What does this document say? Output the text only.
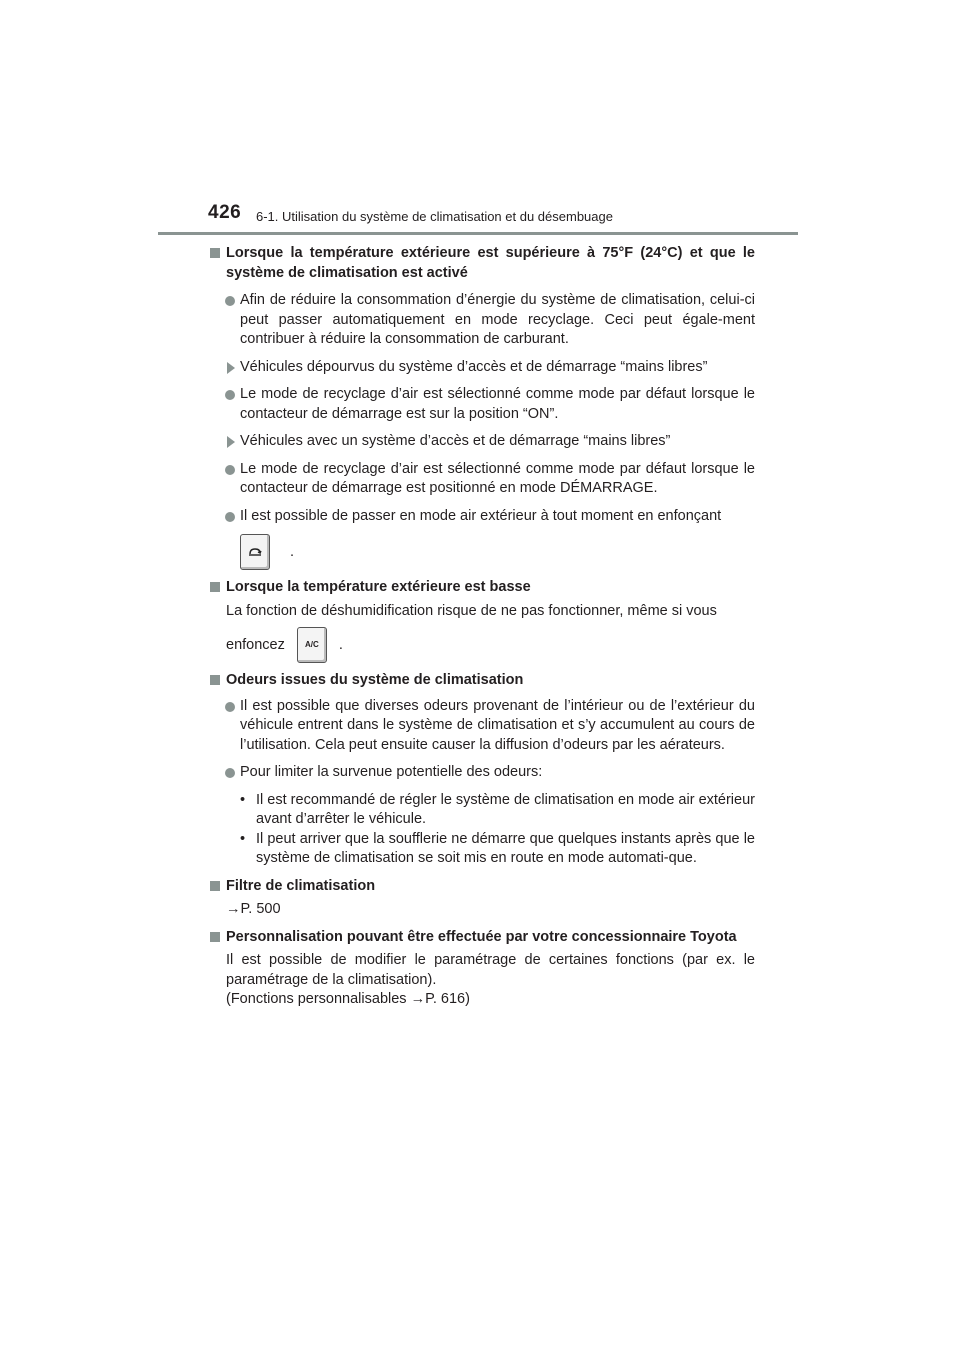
426 6-1. Utilisation du système de climatisation et du désembuage
Lorsque la température extérieure est supérieure à 75°F (24°C) et que le système de climatisation est activé
Afin de réduire la consommation d’énergie du système de climatisation, celui-ci peut passer automatiquement en mode recyclage. Ceci peut égale-ment contribuer à réduire la consommation de carburant.
Véhicules dépourvus du système d’accès et de démarrage “mains libres”
Le mode de recyclage d’air est sélectionné comme mode par défaut lorsque le contacteur de démarrage est sur la position “ON”.
Véhicules avec un système d’accès et de démarrage “mains libres”
Le mode de recyclage d’air est sélectionné comme mode par défaut lorsque le contacteur de démarrage est positionné en mode DÉMARRAGE.
Il est possible de passer en mode air extérieur à tout moment en enfonçant
.
Lorsque la température extérieure est basse
La fonction de déshumidification risque de ne pas fonctionner, même si vous
enfoncez	A/C .
Odeurs issues du système de climatisation
Il est possible que diverses odeurs provenant de l’intérieur ou de l’extérieur du véhicule entrent dans le système de climatisation et s’y accumulent au cours de l’utilisation. Cela peut ensuite causer la diffusion d’odeurs par les aérateurs.
Pour limiter la survenue potentielle des odeurs:
• Il est recommandé de régler le système de climatisation en mode air extérieur avant d’arrêter le véhicule.
• Il peut arriver que la soufflerie ne démarre que quelques instants après que le système de climatisation se soit mis en route en mode automati-que.
Filtre de climatisation
→P. 500
Personnalisation pouvant être effectuée par votre concessionnaire Toyota
Il est possible de modifier le paramétrage de certaines fonctions (par ex. le paramétrage de la climatisation).
(Fonctions personnalisables →P. 616)
